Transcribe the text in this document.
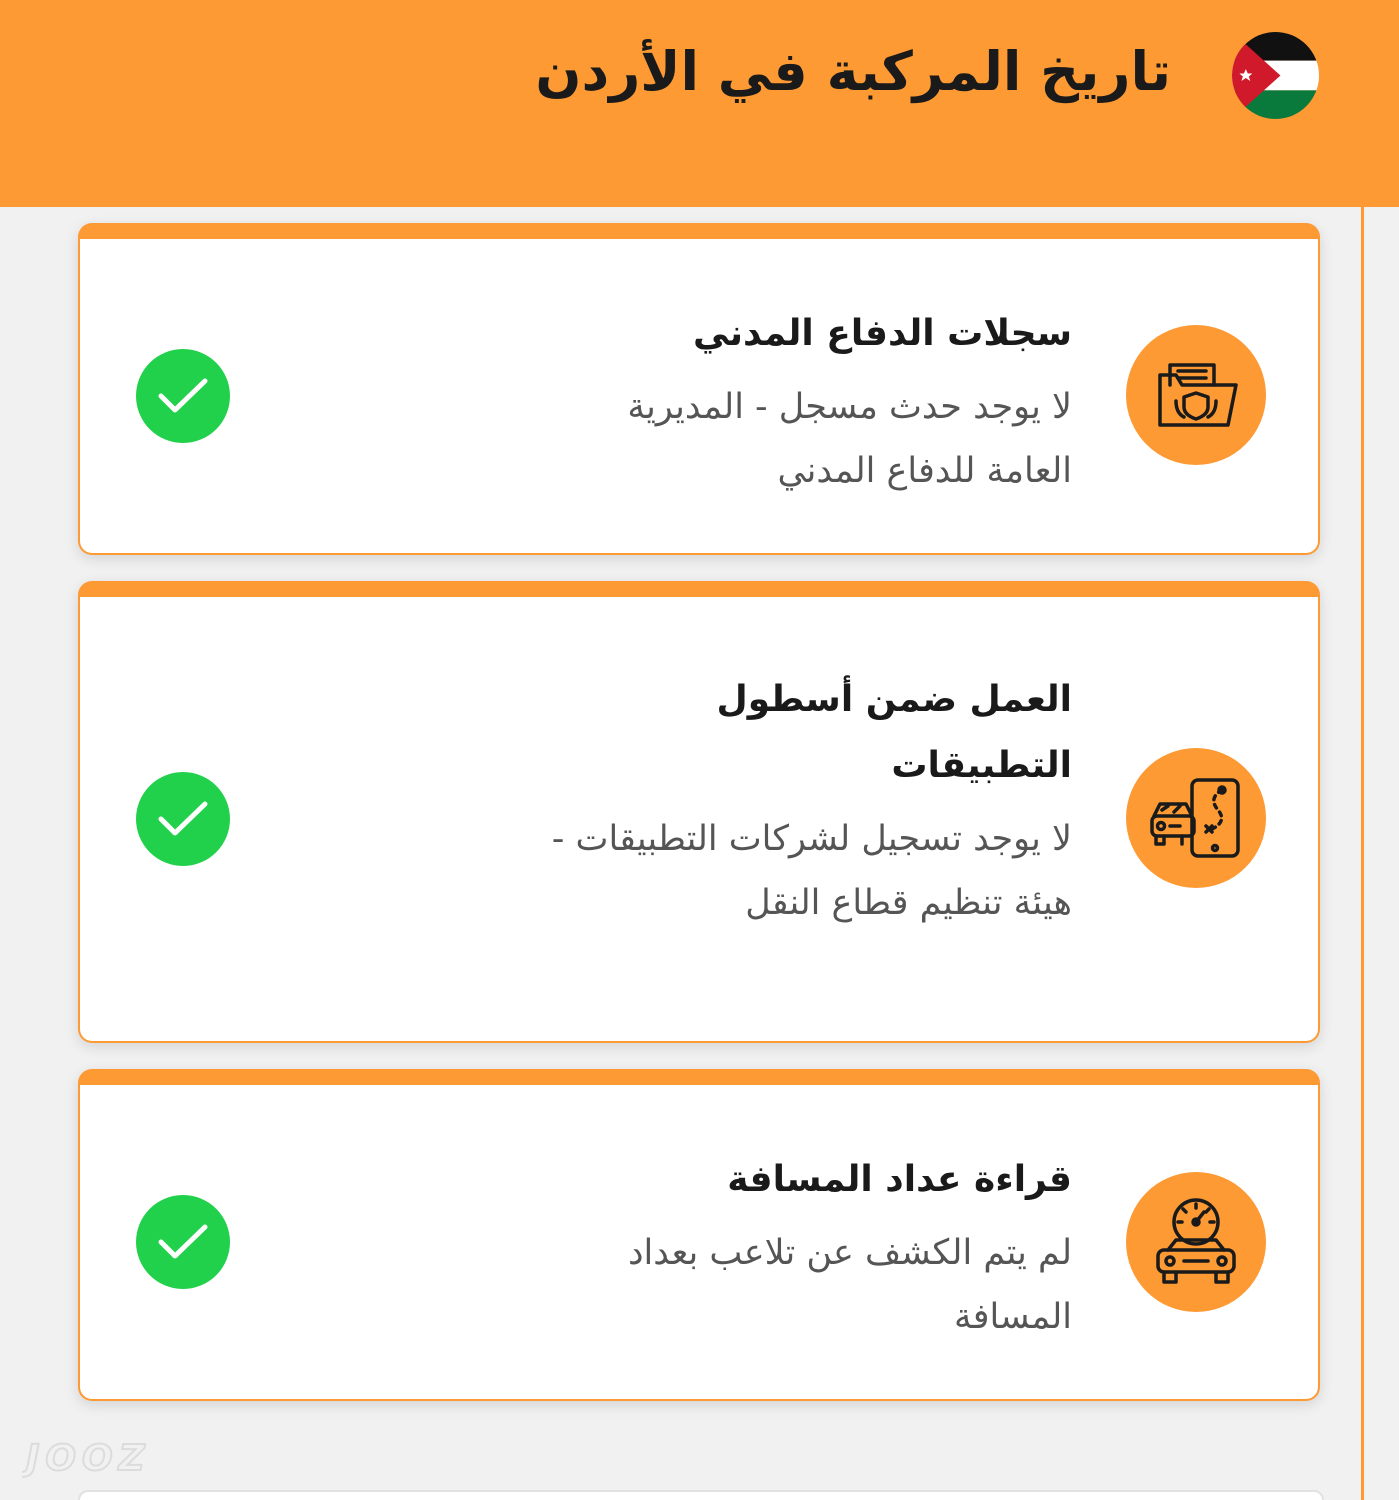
تاريخ المركبة في الأردن
سجلات الدفاع المدني
لا يوجد حدث مسجل - المديرية العامة للدفاع المدني
العمل ضمن أسطول التطبيقات
لا يوجد تسجيل لشركات التطبيقات - هيئة تنظيم قطاع النقل
قراءة عداد المسافة
لم يتم الكشف عن تلاعب بعداد المسافة
JOOZ
